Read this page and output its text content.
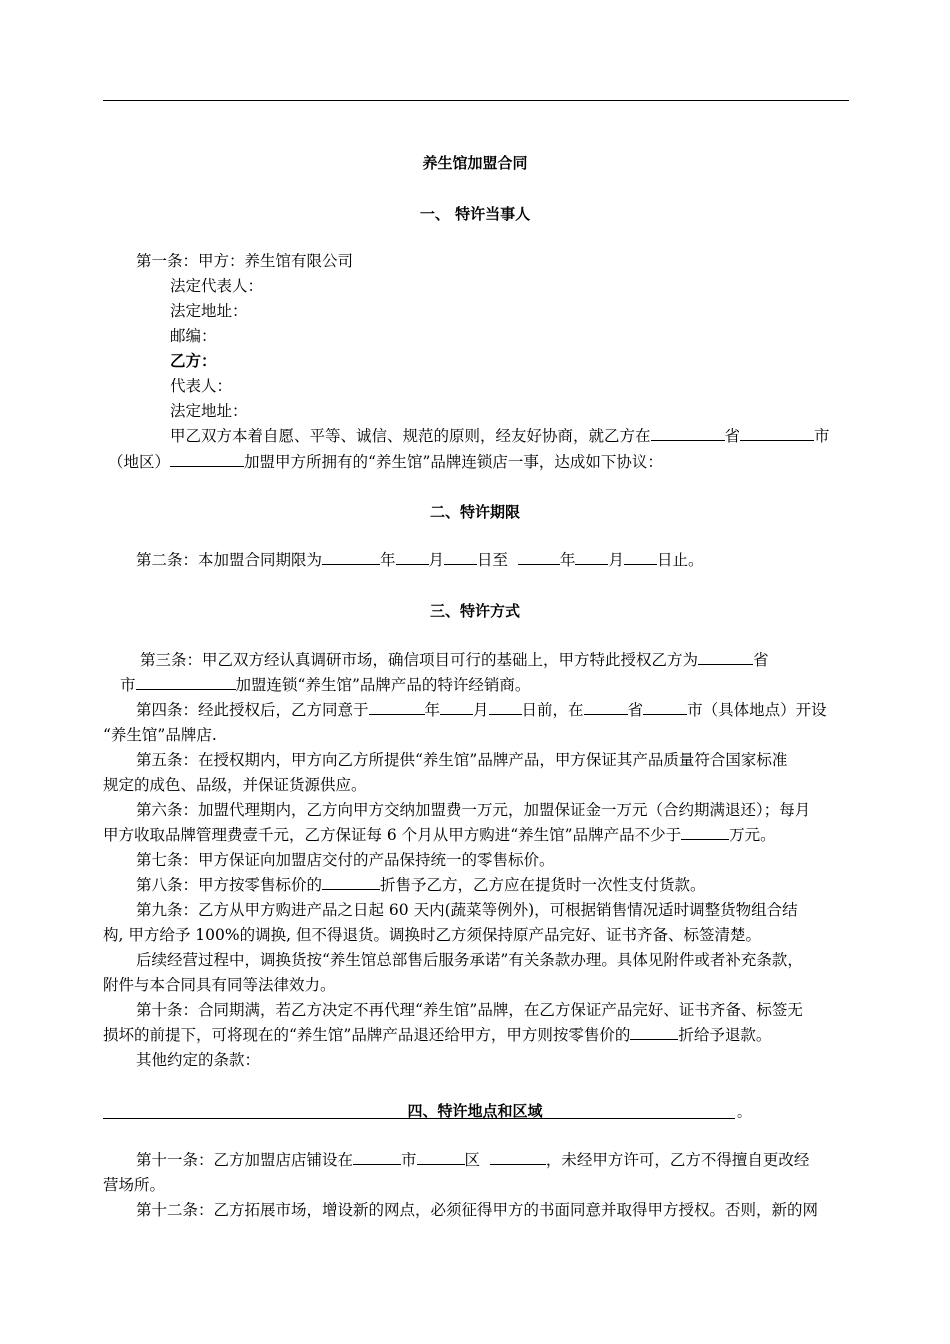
养生馆加盟合同
一、 特许当事人
第一条：甲方：养生馆有限公司
法定代表人：
法定地址：
邮编：
乙方：
代表人：
法定地址：
甲乙双方本着自愿、平等、诚信、规范的原则，经友好协商，就乙方在	省	市
（地区）	加盟甲方所拥有的“养生馆”品牌连锁店一事，达成如下协议：
二、特许期限
第二条：本加盟合同期限为	年 月 日至	年 月 日止。
三、特许方式
第三条：甲乙双方经认真调研市场，确信项目可行的基础上，甲方特此授权乙方为	省
市	加盟连锁“养生馆”品牌产品的特许经销商。
第四条：经此授权后，乙方同意于	年 月 日前，在	省	市（具体地点）开设
“养生馆”品牌店.
第五条：在授权期内，甲方向乙方所提供“养生馆”品牌产品，甲方保证其产品质量符合国家标准
规定的成色、品级，并保证货源供应。
第六条：加盟代理期内，乙方向甲方交纳加盟费一万元，加盟保证金一万元（合约期满退还）；每月
甲方收取品牌管理费壹千元，乙方保证每 6 个月从甲方购进“养生馆”品牌产品不少于	万元。
第七条：甲方保证向加盟店交付的产品保持统一的零售标价。
第八条：甲方按零售标价的	折售予乙方，乙方应在提货时一次性支付货款。
第九条：乙方从甲方购进产品之日起 60 天内(蔬菜等例外)，可根据销售情况适时调整货物组合结
构, 甲方给予 100%的调换, 但不得退货。调换时乙方须保持原产品完好、证书齐备、标签清楚。
后续经营过程中，调换货按“养生馆总部售后服务承诺”有关条款办理。具体见附件或者补充条款，
附件与本合同具有同等法律效力。
第十条：合同期满，若乙方决定不再代理“养生馆”品牌，在乙方保证产品完好、证书齐备、标签无
损坏的前提下，可将现在的“养生馆”品牌产品退还给甲方，甲方则按零售价的	折给予退款。
其他约定的条款：
。
四、特许地点和区域
第十一条：乙方加盟店店铺设在	市	区	，未经甲方许可，乙方不得擅自更改经
营场所。
第十二条：乙方拓展市场，增设新的网点，必须征得甲方的书面同意并取得甲方授权。否则，新的网
